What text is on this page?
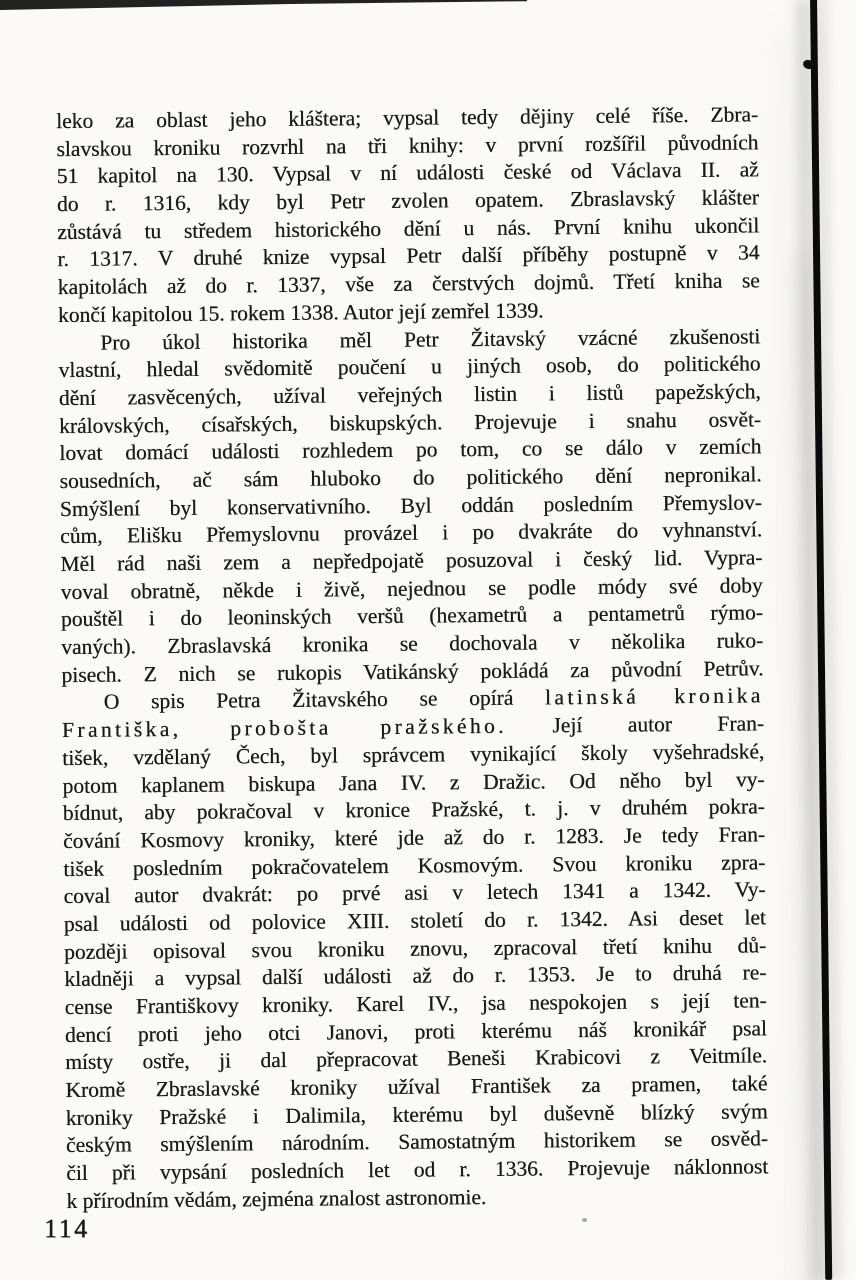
leko za oblast jeho kláštera; vypsal tedy dějiny celé říše. Zbra-
slavskou kroniku rozvrhl na tři knihy: v první rozšířil původních
51 kapitol na 130. Vypsal v ní události české od Václava II. až
do r. 1316, kdy byl Petr zvolen opatem. Zbraslavský klášter
zůstává tu středem historického dění u nás. První knihu ukončil
r. 1317. V druhé knize vypsal Petr další příběhy postupně v 34
kapitolách až do r. 1337, vše za čerstvých dojmů. Třetí kniha se
končí kapitolou 15. rokem 1338. Autor její zemřel 1339.
Pro úkol historika měl Petr Žitavský vzácné zkušenosti
vlastní, hledal svědomitě poučení u jiných osob, do politického
dění zasvěcených, užíval veřejných listin i listů papežských,
královských, císařských, biskupských. Projevuje i snahu osvět-
lovat domácí události rozhledem po tom, co se dálo v zemích
sousedních, ač sám hluboko do politického dění nepronikal.
Smýšlení byl konservativního. Byl oddán posledním Přemyslov-
cům, Elišku Přemyslovnu provázel i po dvakráte do vyhnanství.
Měl rád naši zem a nepředpojatě posuzoval i český lid. Vypra-
voval obratně, někde i živě, nejednou se podle módy své doby
pouštěl i do leoninských veršů (hexametrů a pentametrů rýmo-
vaných). Zbraslavská kronika se dochovala v několika ruko-
pisech. Z nich se rukopis Vatikánský pokládá za původní Petrův.
O spis Petra Žitavského se opírá latinská kronika
Františka, probošta pražského. Její autor Fran-
tišek, vzdělaný Čech, byl správcem vynikající školy vyšehradské,
potom kaplanem biskupa Jana IV. z Dražic. Od něho byl vy-
bídnut, aby pokračoval v kronice Pražské, t. j. v druhém pokra-
čování Kosmovy kroniky, které jde až do r. 1283. Je tedy Fran-
tišek posledním pokračovatelem Kosmovým. Svou kroniku zpra-
coval autor dvakrát: po prvé asi v letech 1341 a 1342. Vy-
psal události od polovice XIII. století do r. 1342. Asi deset let
později opisoval svou kroniku znovu, zpracoval třetí knihu dů-
kladněji a vypsal další události až do r. 1353. Je to druhá re-
cense Františkovy kroniky. Karel IV., jsa nespokojen s její ten-
dencí proti jeho otci Janovi, proti kterému náš kronikář psal
místy ostře, ji dal přepracovat Beneši Krabicovi z Veitmíle.
Kromě Zbraslavské kroniky užíval František za pramen, také
kroniky Pražské i Dalimila, kterému byl duševně blízký svým
českým smýšlením národním. Samostatným historikem se osvěd-
čil při vypsání posledních let od r. 1336. Projevuje náklonnost
k přírodním vědám, zejména znalost astronomie.
114
